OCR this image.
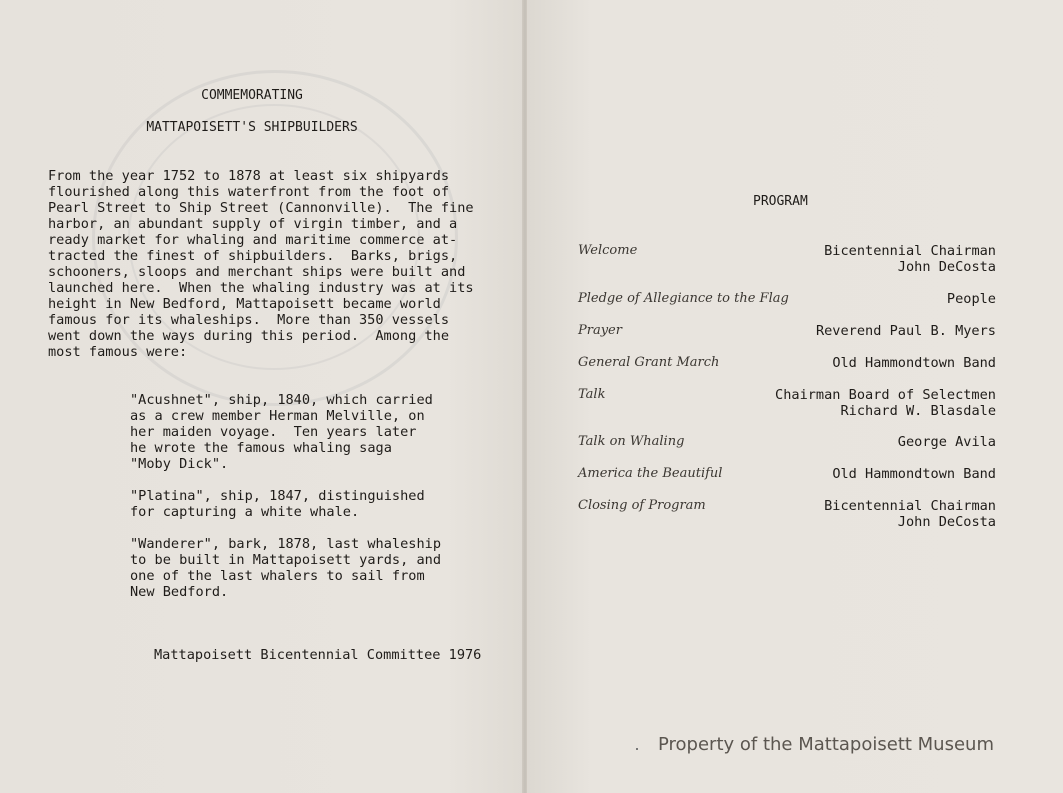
COMMEMORATING
MATTAPOISETT'S SHIPBUILDERS
From the year 1752 to 1878 at least six shipyards
flourished along this waterfront from the foot of
Pearl Street to Ship Street (Cannonville).  The fine
harbor, an abundant supply of virgin timber, and a
ready market for whaling and maritime commerce at-
tracted the finest of shipbuilders.  Barks, brigs,
schooners, sloops and merchant ships were built and
launched here.  When the whaling industry was at its
height in New Bedford, Mattapoisett became world
famous for its whaleships.  More than 350 vessels
went down the ways during this period.  Among the
most famous were:
"Acushnet", ship, 1840, which carried
as a crew member Herman Melville, on
her maiden voyage.  Ten years later
he wrote the famous whaling saga
"Moby Dick".
"Platina", ship, 1847, distinguished
for capturing a white whale.
"Wanderer", bark, 1878, last whaleship
to be built in Mattapoisett yards, and
one of the last whalers to sail from
New Bedford.
Mattapoisett Bicentennial Committee 1976
PROGRAM
Welcome	Bicentennial Chairman
John DeCosta
Pledge of Allegiance to the Flag	People
Prayer	Reverend Paul B. Myers
General Grant March	Old Hammondtown Band
Talk	Chairman Board of Selectmen
Richard W. Blasdale
Talk on Whaling	George Avila
America the Beautiful	Old Hammondtown Band
Closing of Program	Bicentennial Chairman
John DeCosta
Property of the Mattapoisett Museum
